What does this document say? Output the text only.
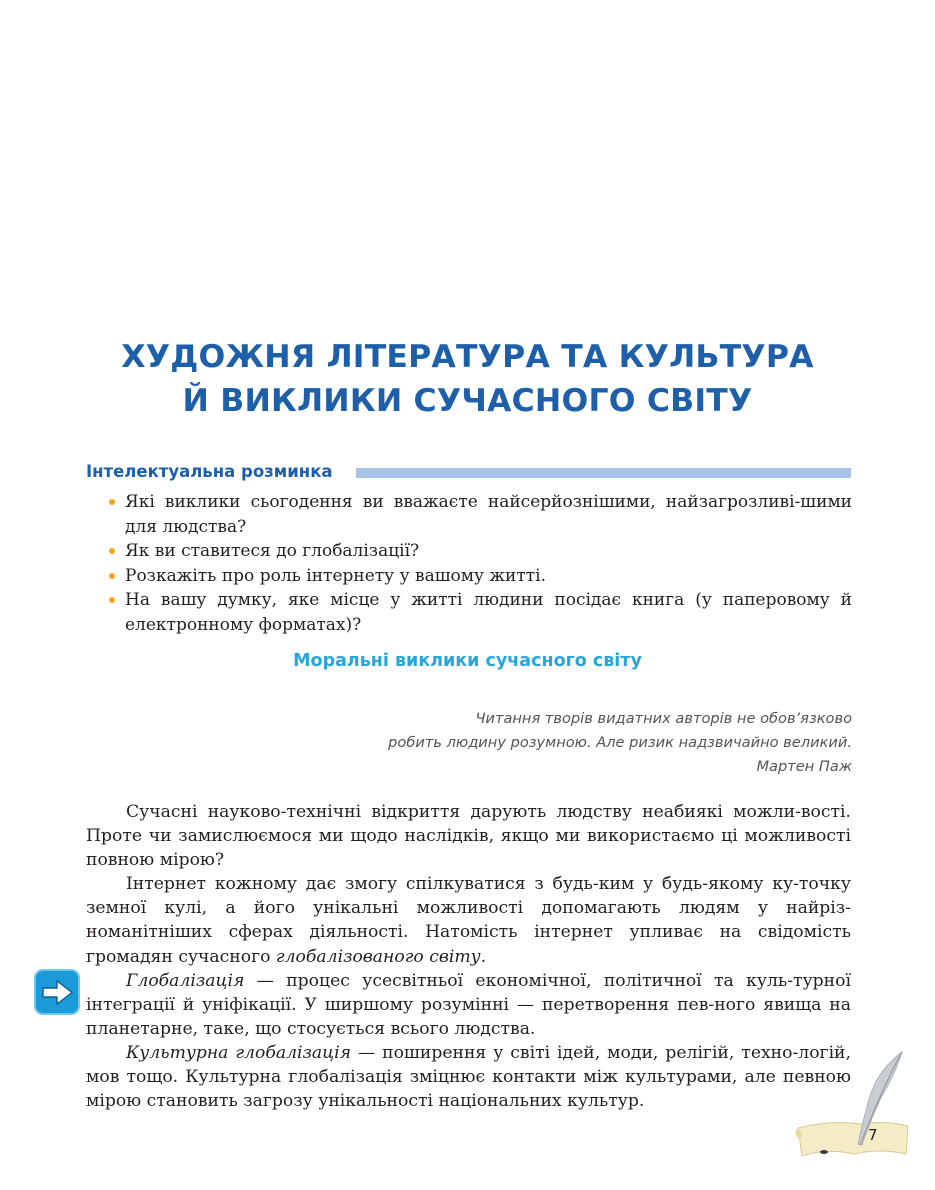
ХУДОЖНЯ ЛІТЕРАТУРА ТА КУЛЬТУРА
Й ВИКЛИКИ СУЧАСНОГО СВІТУ
Інтелектуальна розминка
Які виклики сьогодення ви вважаєте найсерйознішими, найзагрозливі-шими для людства?
Як ви ставитеся до глобалізації?
Розкажіть про роль інтернету у вашому житті.
На вашу думку, яке місце у житті людини посідає книга (у паперовому й електронному форматах)?
Моральні виклики сучасного світу
Читання творів видатних авторів не обов’язково
робить людину розумною. Але ризик надзвичайно великий.
Мартен Паж

Сучасні науково-технічні відкриття дарують людству неабиякі можли-вості. Проте чи замислюємося ми щодо наслідків, якщо ми використаємо ці можливості повною мірою?

Інтернет кожному дає змогу спілкуватися з будь-ким у будь-якому ку-точку земної кулі, а його унікальні можливості допомагають людям у найріз-номанітніших сферах діяльності. Натомість інтернет упливає на свідомість громадян сучасного глобалізованого світу.

Глобалізація — процес усесвітньої економічної, політичної та куль-турної інтеграції й уніфікації. У ширшому розумінні — перетворення пев-ного явища на планетарне, таке, що стосується всього людства.

Культурна глобалізація — поширення у світі ідей, моди, релігій, техно-логій, мов тощо. Культурна глобалізація зміцнює контакти між культурами, але певною мірою становить загрозу унікальності національних культур.

7
